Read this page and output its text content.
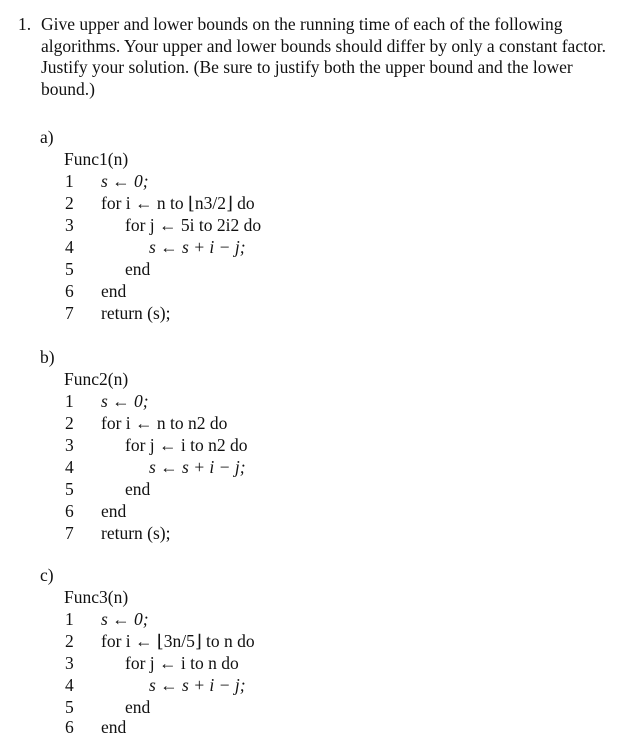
1. Give upper and lower bounds on the running time of each of the following algorithms. Your upper and lower bounds should differ by only a constant factor. Justify your solution. (Be sure to justify both the upper bound and the lower bound.)
a)
Func1(n)
1 s ← 0;
2 for i ← n to ⌊n3/2⌋ do
3	for j ← 5i to 2i2 do
4	s ← s + i − j;
5	end
6 end
7 return (s);
b)
Func2(n)
1 s ← 0;
2 for i ← n to n2 do
3	for j ← i to n2 do
4	s ← s + i − j;
5	end
6 end
7 return (s);
c)
Func3(n)
1 s ← 0;
2 for i ← ⌊3n/5⌋ to n do
3	for j ← i to n do
4	s ← s + i − j;
5	end
6 end
